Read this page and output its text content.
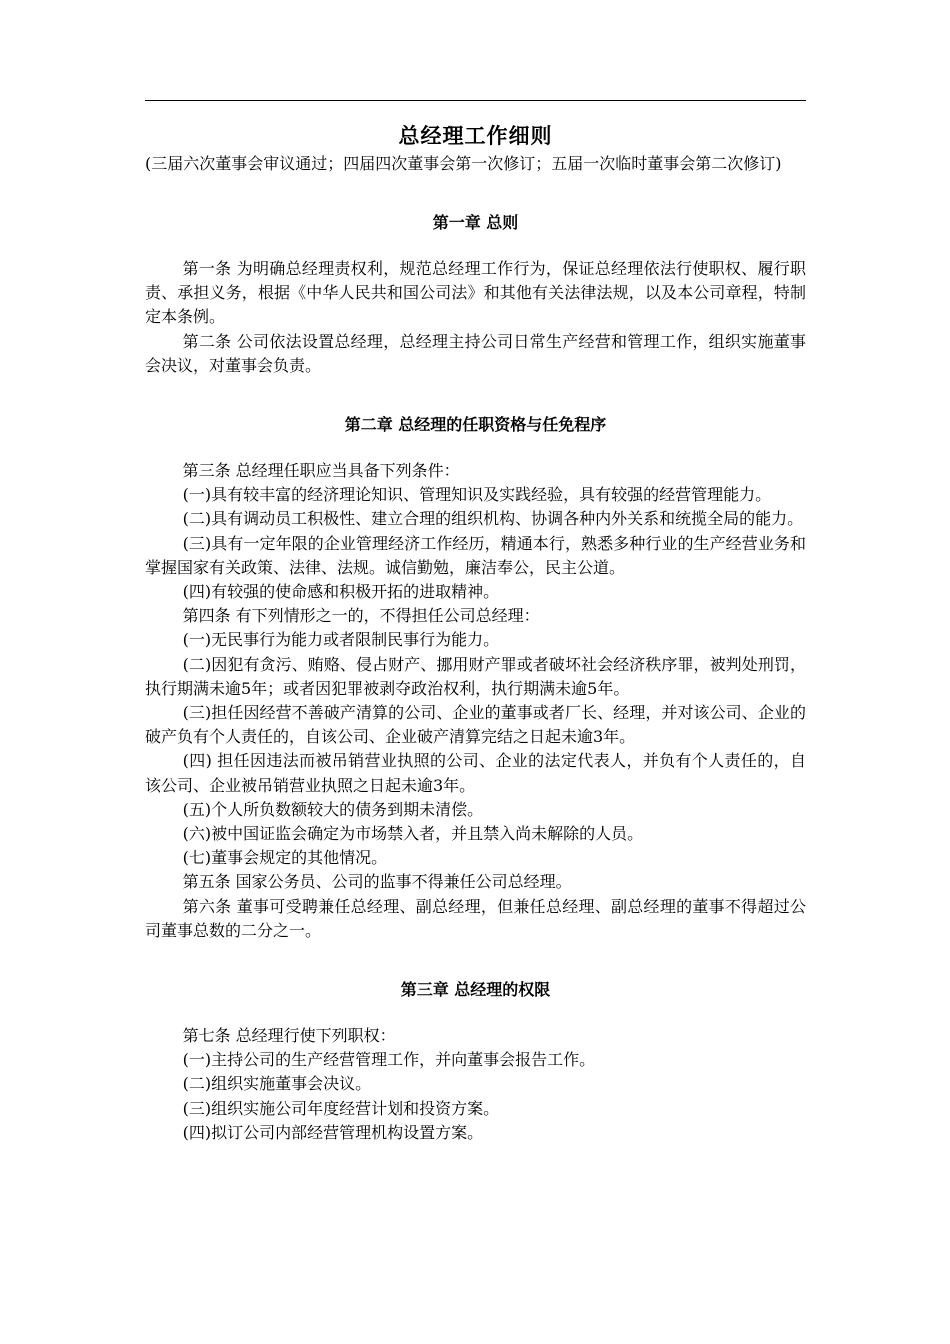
总经理工作细则
(三届六次董事会审议通过；四届四次董事会第一次修订；五届一次临时董事会第二次修订)
第一章 总则

第一条 为明确总经理责权利，规范总经理工作行为，保证总经理依法行使职权、履行职责、承担义务，根据《中华人民共和国公司法》和其他有关法律法规，以及本公司章程，特制定本条例。

第二条 公司依法设置总经理，总经理主持公司日常生产经营和管理工作，组织实施董事会决议，对董事会负责。

第二章 总经理的任职资格与任免程序

第三条 总经理任职应当具备下列条件：

(一)具有较丰富的经济理论知识、管理知识及实践经验，具有较强的经营管理能力。

(二)具有调动员工积极性、建立合理的组织机构、协调各种内外关系和统揽全局的能力。

(三)具有一定年限的企业管理经济工作经历，精通本行，熟悉多种行业的生产经营业务和掌握国家有关政策、法律、法规。诚信勤勉，廉洁奉公，民主公道。

(四)有较强的使命感和积极开拓的进取精神。

第四条 有下列情形之一的，不得担任公司总经理：

(一)无民事行为能力或者限制民事行为能力。

(二)因犯有贪污、贿赂、侵占财产、挪用财产罪或者破坏社会经济秩序罪，被判处刑罚，执行期满未逾5年；或者因犯罪被剥夺政治权利，执行期满未逾5年。

(三)担任因经营不善破产清算的公司、企业的董事或者厂长、经理，并对该公司、企业的破产负有个人责任的，自该公司、企业破产清算完结之日起未逾3年。

(四) 担任因违法而被吊销营业执照的公司、企业的法定代表人，并负有个人责任的，自该公司、企业被吊销营业执照之日起未逾3年。

(五)个人所负数额较大的债务到期未清偿。

(六)被中国证监会确定为市场禁入者，并且禁入尚未解除的人员。

(七)董事会规定的其他情况。

第五条 国家公务员、公司的监事不得兼任公司总经理。

第六条 董事可受聘兼任总经理、副总经理，但兼任总经理、副总经理的董事不得超过公司董事总数的二分之一。

第三章 总经理的权限

第七条 总经理行使下列职权：

(一)主持公司的生产经营管理工作，并向董事会报告工作。

(二)组织实施董事会决议。

(三)组织实施公司年度经营计划和投资方案。

(四)拟订公司内部经营管理机构设置方案。
